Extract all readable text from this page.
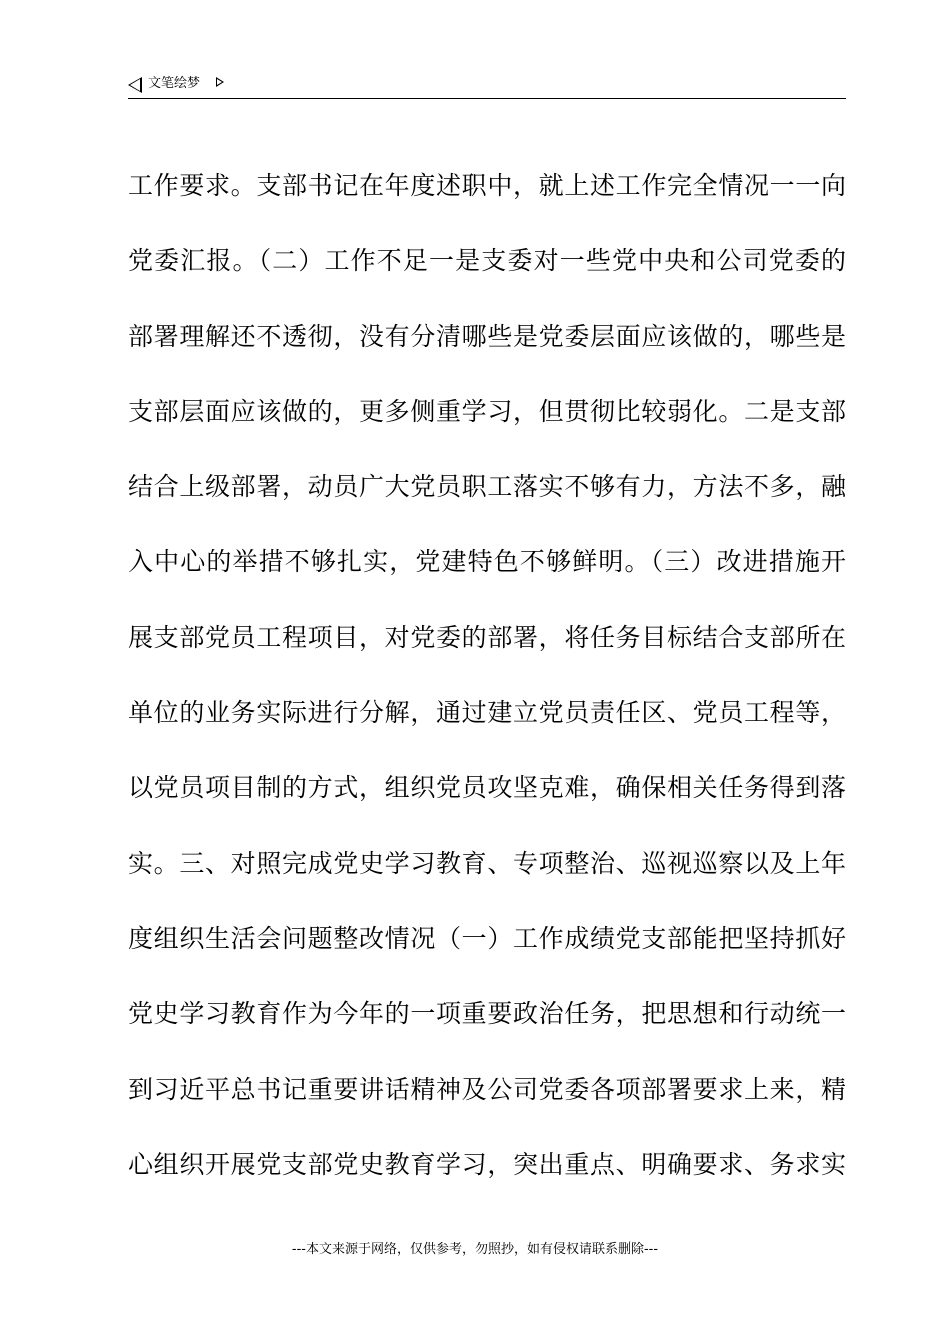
文笔绘梦
工作要求。支部书记在年度述职中，就上述工作完全情况一一向
党委汇报。（二）工作不足一是支委对一些党中央和公司党委的
部署理解还不透彻，没有分清哪些是党委层面应该做的，哪些是
支部层面应该做的，更多侧重学习，但贯彻比较弱化。二是支部
结合上级部署，动员广大党员职工落实不够有力，方法不多，融
入中心的举措不够扎实，党建特色不够鲜明。（三）改进措施开
展支部党员工程项目，对党委的部署，将任务目标结合支部所在
单位的业务实际进行分解，通过建立党员责任区、党员工程等，
以党员项目制的方式，组织党员攻坚克难，确保相关任务得到落
实。三、对照完成党史学习教育、专项整治、巡视巡察以及上年
度组织生活会问题整改情况（一）工作成绩党支部能把坚持抓好
党史学习教育作为今年的一项重要政治任务，把思想和行动统一
到习近平总书记重要讲话精神及公司党委各项部署要求上来，精
心组织开展党支部党史教育学习，突出重点、明确要求、务求实
---本文来源于网络，仅供参考，勿照抄，如有侵权请联系删除---
